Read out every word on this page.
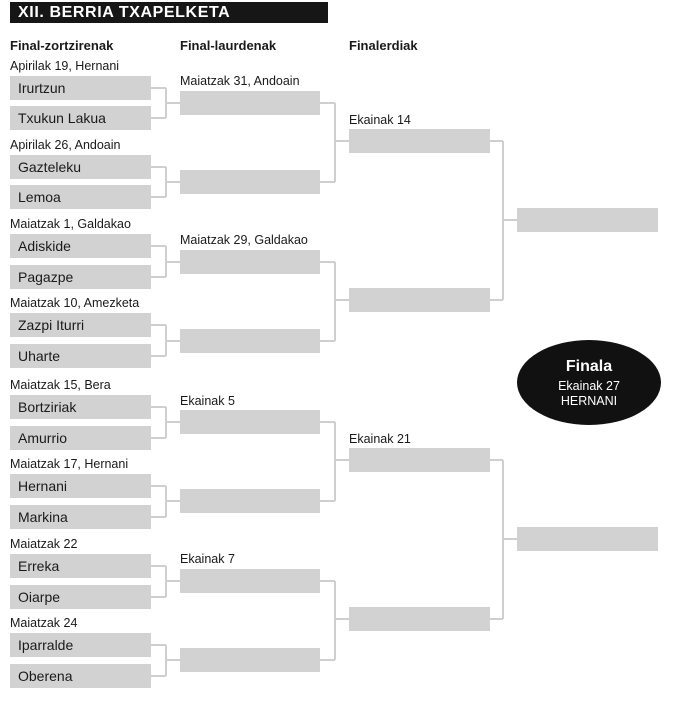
XII. BERRIA TXAPELKETA
Final-zortzirenak	Final-laurdenak	Finalerdiak
Apirilak 19, Hernani
Irurtzun
Txukun Lakua
Apirilak 26, Andoain
Gazteleku
Lemoa
Maiatzak 1, Galdakao
Adiskide
Pagazpe
Maiatzak 10, Amezketa
Zazpi Iturri
Uharte
Maiatzak 15, Bera
Bortziriak
Amurrio
Maiatzak 17, Hernani
Hernani
Markina
Maiatzak 22
Erreka
Oiarpe
Maiatzak 24
Iparralde
Oberena
Maiatzak 31, Andoain
Maiatzak 29, Galdakao
Ekainak 5
Ekainak 7
Ekainak 14
Ekainak 21
Finala
Ekainak 27
HERNANI
